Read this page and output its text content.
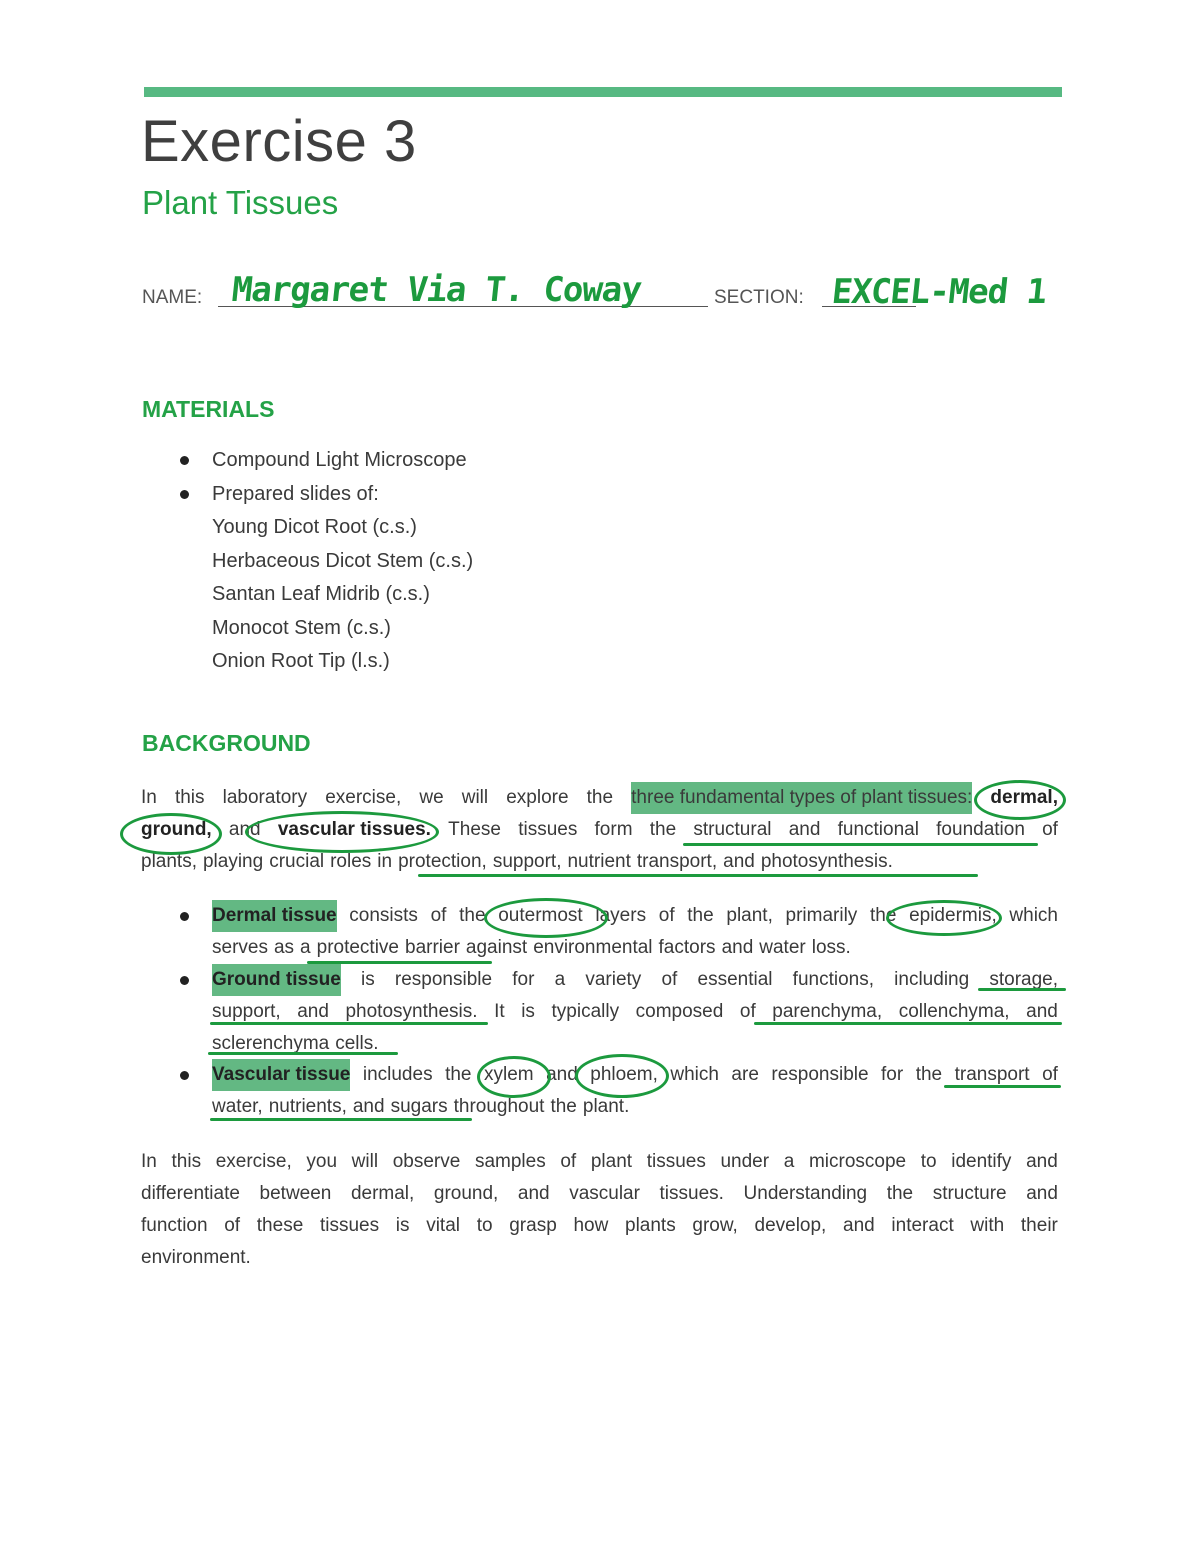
Exercise 3
Plant Tissues
NAME: Margaret Via T. Coway	SECTION: EXCEL-Med 1
MATERIALS
Compound Light Microscope
Prepared slides of:
Young Dicot Root (c.s.)
Herbaceous Dicot Stem (c.s.)
Santan Leaf Midrib (c.s.)
Monocot Stem (c.s.)
Onion Root Tip (l.s.)
BACKGROUND
In this laboratory exercise, we will explore the three fundamental types of plant tissues: dermal,
ground, and vascular tissues. These tissues form the structural and functional foundation of
plants, playing crucial roles in protection, support, nutrient transport, and photosynthesis.
Dermal tissue consists of the outermost layers of the plant, primarily the epidermis, which
serves as a protective barrier against environmental factors and water loss.
Ground tissue is responsible for a variety of essential functions, including storage,
support, and photosynthesis. It is typically composed of parenchyma, collenchyma, and
sclerenchyma cells.
Vascular tissue includes the xylem and phloem, which are responsible for the transport of
water, nutrients, and sugars throughout the plant.
In this exercise, you will observe samples of plant tissues under a microscope to identify and
differentiate between dermal, ground, and vascular tissues. Understanding the structure and
function of these tissues is vital to grasp how plants grow, develop, and interact with their
environment.
